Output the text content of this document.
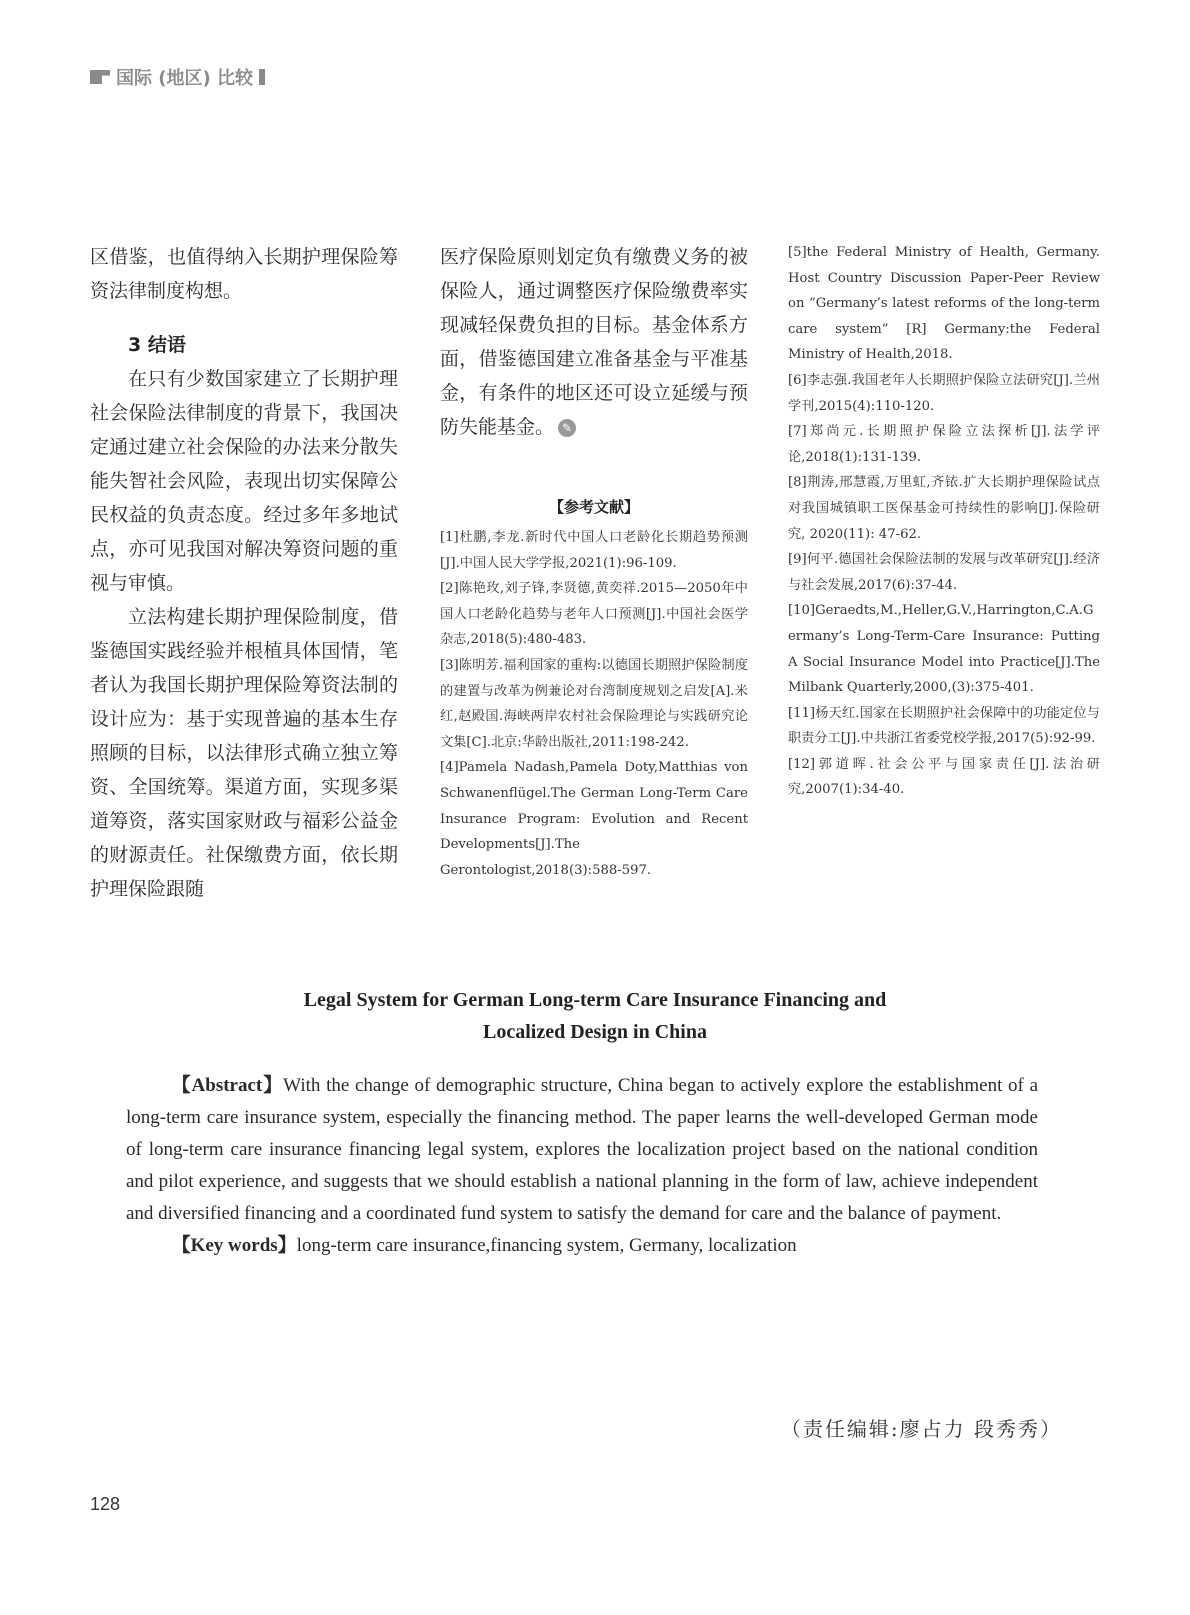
国际 (地区) 比较

区借鉴，也值得纳入长期护理保险筹资法律制度构想。

3 结语

在只有少数国家建立了长期护理社会保险法律制度的背景下，我国决定通过建立社会保险的办法来分散失能失智社会风险，表现出切实保障公民权益的负责态度。经过多年多地试点，亦可见我国对解决筹资问题的重视与审慎。

立法构建长期护理保险制度，借鉴德国实践经验并根植具体国情，笔者认为我国长期护理保险筹资法制的设计应为：基于实现普遍的基本生存照顾的目标，以法律形式确立独立筹资、全国统筹。渠道方面，实现多渠道筹资，落实国家财政与福彩公益金的财源责任。社保缴费方面，依长期护理保险跟随

医疗保险原则划定负有缴费义务的被保险人，通过调整医疗保险缴费率实现减轻保费负担的目标。基金体系方面，借鉴德国建立准备基金与平准基金，有条件的地区还可设立延缓与预防失能基金。 ✎

【参考文献】

[1]杜鹏,李龙.新时代中国人口老龄化长期趋势预测[J].中国人民大学学报,2021(1):96-109.

[2]陈艳玫,刘子锋,李贤德,黄奕祥.2015—2050年中国人口老龄化趋势与老年人口预测[J].中国社会医学杂志,2018(5):480-483.

[3]陈明芳.福利国家的重构:以德国长期照护保险制度的建置与改革为例兼论对台湾制度规划之启发[A].米红,赵殿国.海峡两岸农村社会保险理论与实践研究论文集[C].北京:华龄出版社,2011:198-242.

[4]Pamela Nadash,Pamela Doty,Matthias von Schwanenflügel.The German Long-Term Care Insurance Program: Evolution and Recent Developments[J].The Gerontologist,2018(3):588-597.

[5]the Federal Ministry of Health, Germany. Host Country Discussion Paper-Peer Review on “Germany’s latest reforms of the long-term care system” [R] Germany:the Federal Ministry of Health,2018.

[6]李志强.我国老年人长期照护保险立法研究[J].兰州学刊,2015(4):110-120.

[7]郑尚元.长期照护保险立法探析[J].法学评论,2018(1):131-139.

[8]荆涛,邢慧霞,万里虹,齐铱.扩大长期护理保险试点对我国城镇职工医保基金可持续性的影响[J].保险研究, 2020(11): 47-62.

[9]何平.德国社会保险法制的发展与改革研究[J].经济与社会发展,2017(6):37-44.

[10]Geraedts,M.,Heller,G.V.,Harrington,C.A.Germany’s Long-Term-Care Insurance: Putting A Social Insurance Model into Practice[J].The Milbank Quarterly,2000,(3):375-401.

[11]杨天红.国家在长期照护社会保障中的功能定位与职责分工[J].中共浙江省委党校学报,2017(5):92-99.

[12]郭道晖.社会公平与国家责任[J].法治研究,2007(1):34-40.

Legal System for German Long-term Care Insurance Financing and
Localized Design in China

【Abstract】With the change of demographic structure, China began to actively explore the establishment of a long-term care insurance system, especially the financing method. The paper learns the well-developed German mode of long-term care insurance financing legal system, explores the localization project based on the national condition and pilot experience, and suggests that we should establish a national planning in the form of law, achieve independent and diversified financing and a coordinated fund system to satisfy the demand for care and the balance of payment.

【Key words】long-term care insurance,financing system, Germany, localization

（责任编辑:廖占力 段秀秀）
128
